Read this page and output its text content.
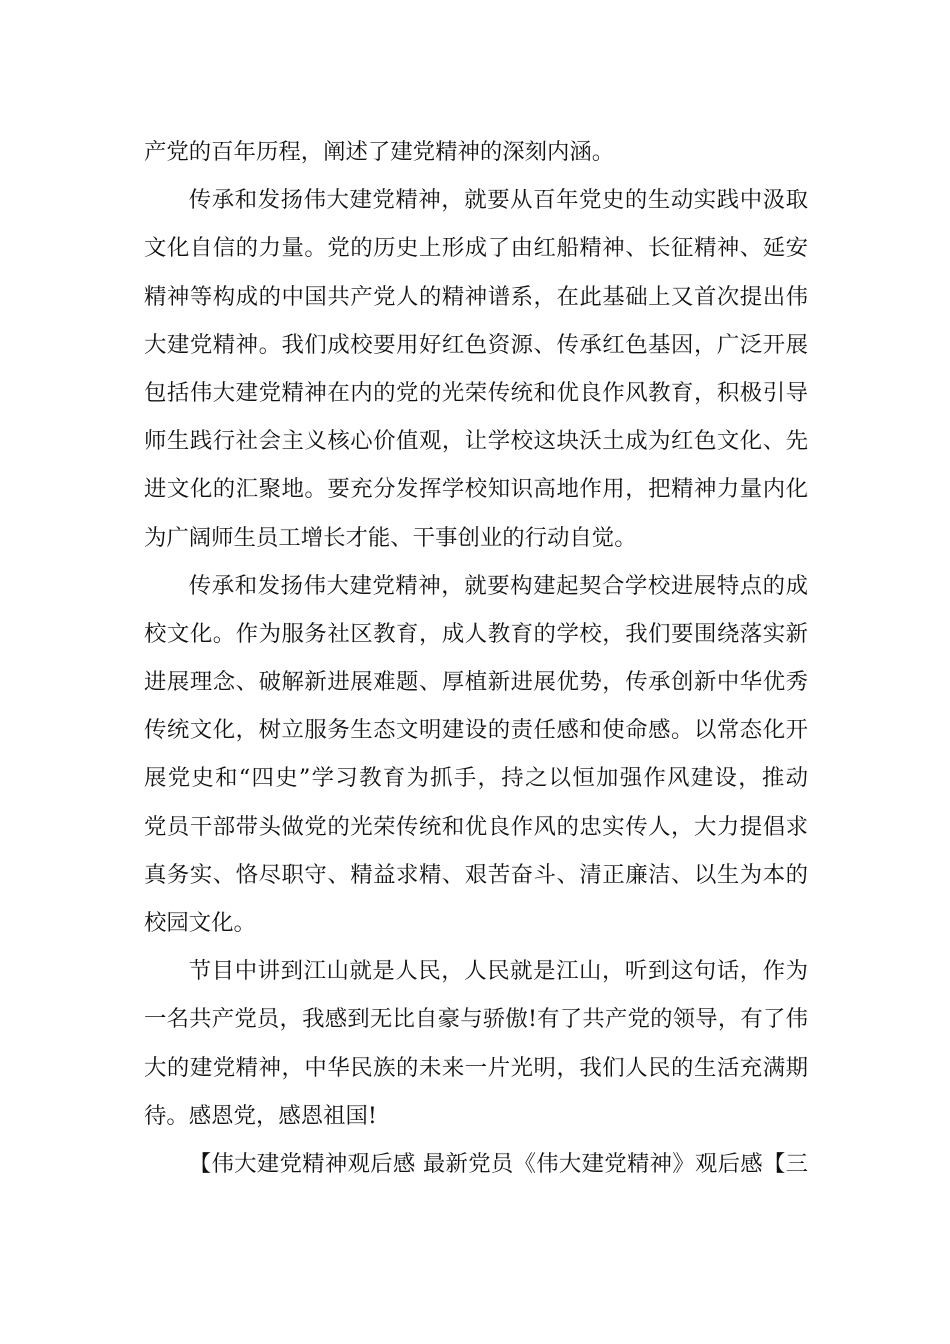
产党的百年历程，阐述了建党精神的深刻内涵。

传承和发扬伟大建党精神，就要从百年党史的生动实践中汲取
文化自信的力量。党的历史上形成了由红船精神、长征精神、延安
精神等构成的中国共产党人的精神谱系，在此基础上又首次提出伟
大建党精神。我们成校要用好红色资源、传承红色基因，广泛开展
包括伟大建党精神在内的党的光荣传统和优良作风教育，积极引导
师生践行社会主义核心价值观，让学校这块沃土成为红色文化、先
进文化的汇聚地。要充分发挥学校知识高地作用，把精神力量内化
为广阔师生员工增长才能、干事创业的行动自觉。

传承和发扬伟大建党精神，就要构建起契合学校进展特点的成
校文化。作为服务社区教育，成人教育的学校，我们要围绕落实新
进展理念、破解新进展难题、厚植新进展优势，传承创新中华优秀
传统文化，树立服务生态文明建设的责任感和使命感。以常态化开
展党史和“四史”学习教育为抓手，持之以恒加强作风建设，推动
党员干部带头做党的光荣传统和优良作风的忠实传人，大力提倡求
真务实、恪尽职守、精益求精、艰苦奋斗、清正廉洁、以生为本的
校园文化。

节目中讲到江山就是人民，人民就是江山，听到这句话，作为
一名共产党员，我感到无比自豪与骄傲!有了共产党的领导，有了伟
大的建党精神，中华民族的未来一片光明，我们人民的生活充满期
待。感恩党，感恩祖国!

【伟大建党精神观后感 最新党员《伟大建党精神》观后感【三
